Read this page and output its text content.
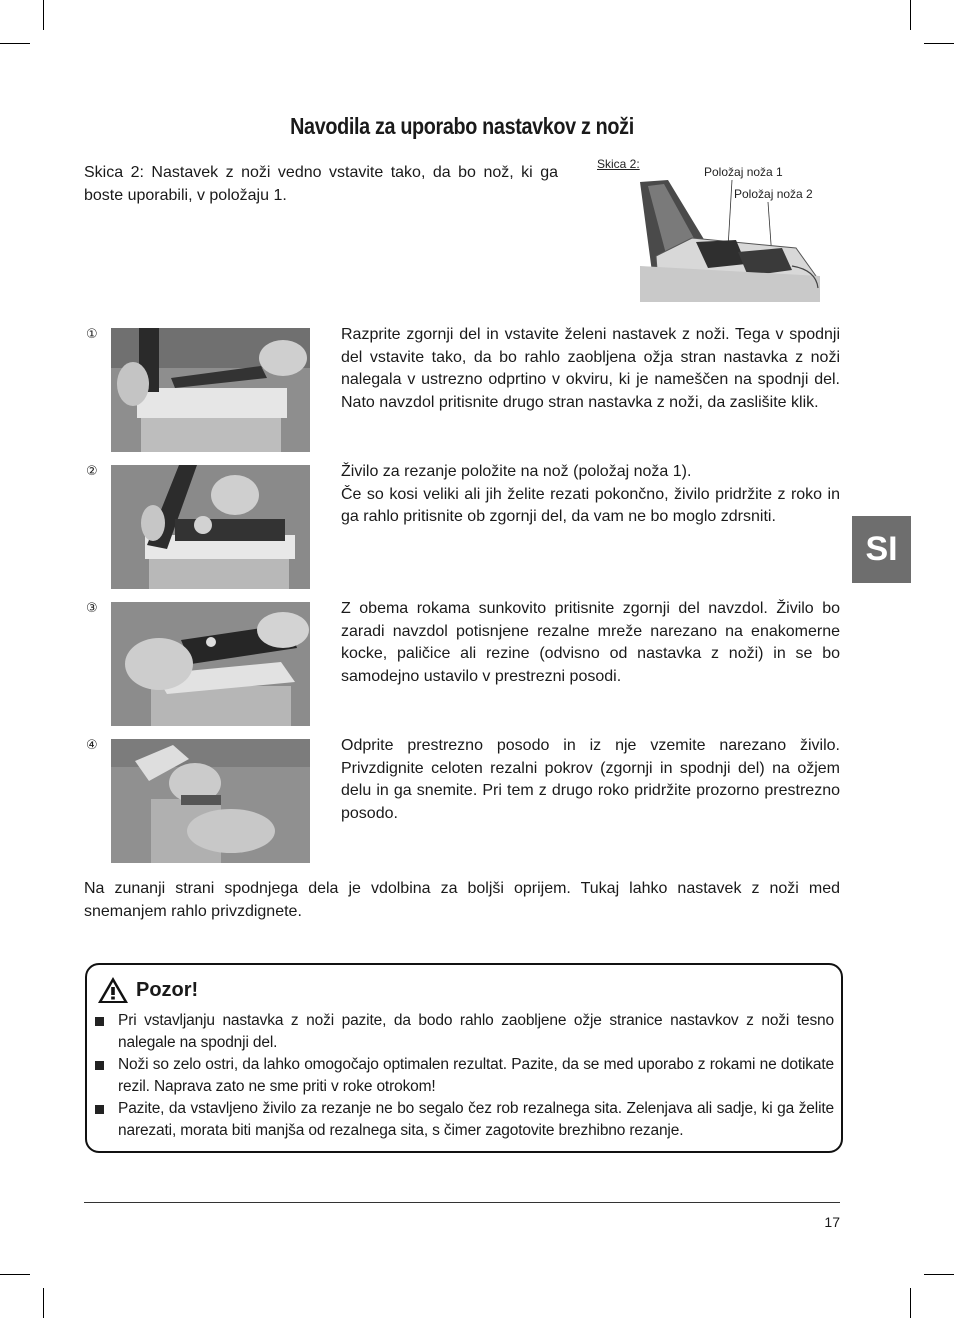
Navodila za uporabo nastavkov z noži
Skica 2: Nastavek z noži vedno vstavite tako, da bo nož, ki ga boste uporabili, v položaju 1.
Skica 2:
Položaj noža 1
Položaj noža 2
①	Razprite zgornji del in vstavite želeni nastavek z noži. Tega v spodnji del vstavite tako, da bo rahlo zaobljena ožja stran nastavka z noži nalegala v ustrezno odprtino v okviru, ki je nameščen na spodnji del. Nato navzdol pritisnite drugo stran nastavka z noži, da zaslišite klik.
②	Živilo za rezanje položite na nož (položaj noža 1).
Če so kosi veliki ali jih želite rezati pokončno, živilo pridržite z roko in ga rahlo pritisnite ob zgornji del, da vam ne bo moglo zdrsniti.
③	Z obema rokama sunkovito pritisnite zgornji del navzdol. Živilo bo zaradi navzdol potisnjene rezalne mreže narezano na enakomerne kocke, paličice ali rezine (odvisno od nastavka z noži) in se bo samodejno ustavilo v prestrezni posodi.
④	Odprite prestrezno posodo in iz nje vzemite narezano živilo. Privzdignite celoten rezalni pokrov (zgornji in spodnji del) na ožjem delu in ga snemite. Pri tem z drugo roko pridržite prozorno prestrezno posodo.
Na zunanji strani spodnjega dela je vdolbina za boljši oprijem. Tukaj lahko nastavek z noži med snemanjem rahlo privzdignete.
SI
Pozor!
Pri vstavljanju nastavka z noži pazite, da bodo rahlo zaobljene ožje stranice nastavkov z noži tesno nalegale na spodnji del.
Noži so zelo ostri, da lahko omogočajo optimalen rezultat. Pazite, da se med uporabo z rokami ne dotikate rezil. Naprava zato ne sme priti v roke otrokom!
Pazite, da vstavljeno živilo za rezanje ne bo segalo čez rob rezalnega sita. Zelenjava ali sadje, ki ga želite narezati, morata biti manjša od rezalnega sita, s čimer zagotovite brezhibno rezanje.
17
